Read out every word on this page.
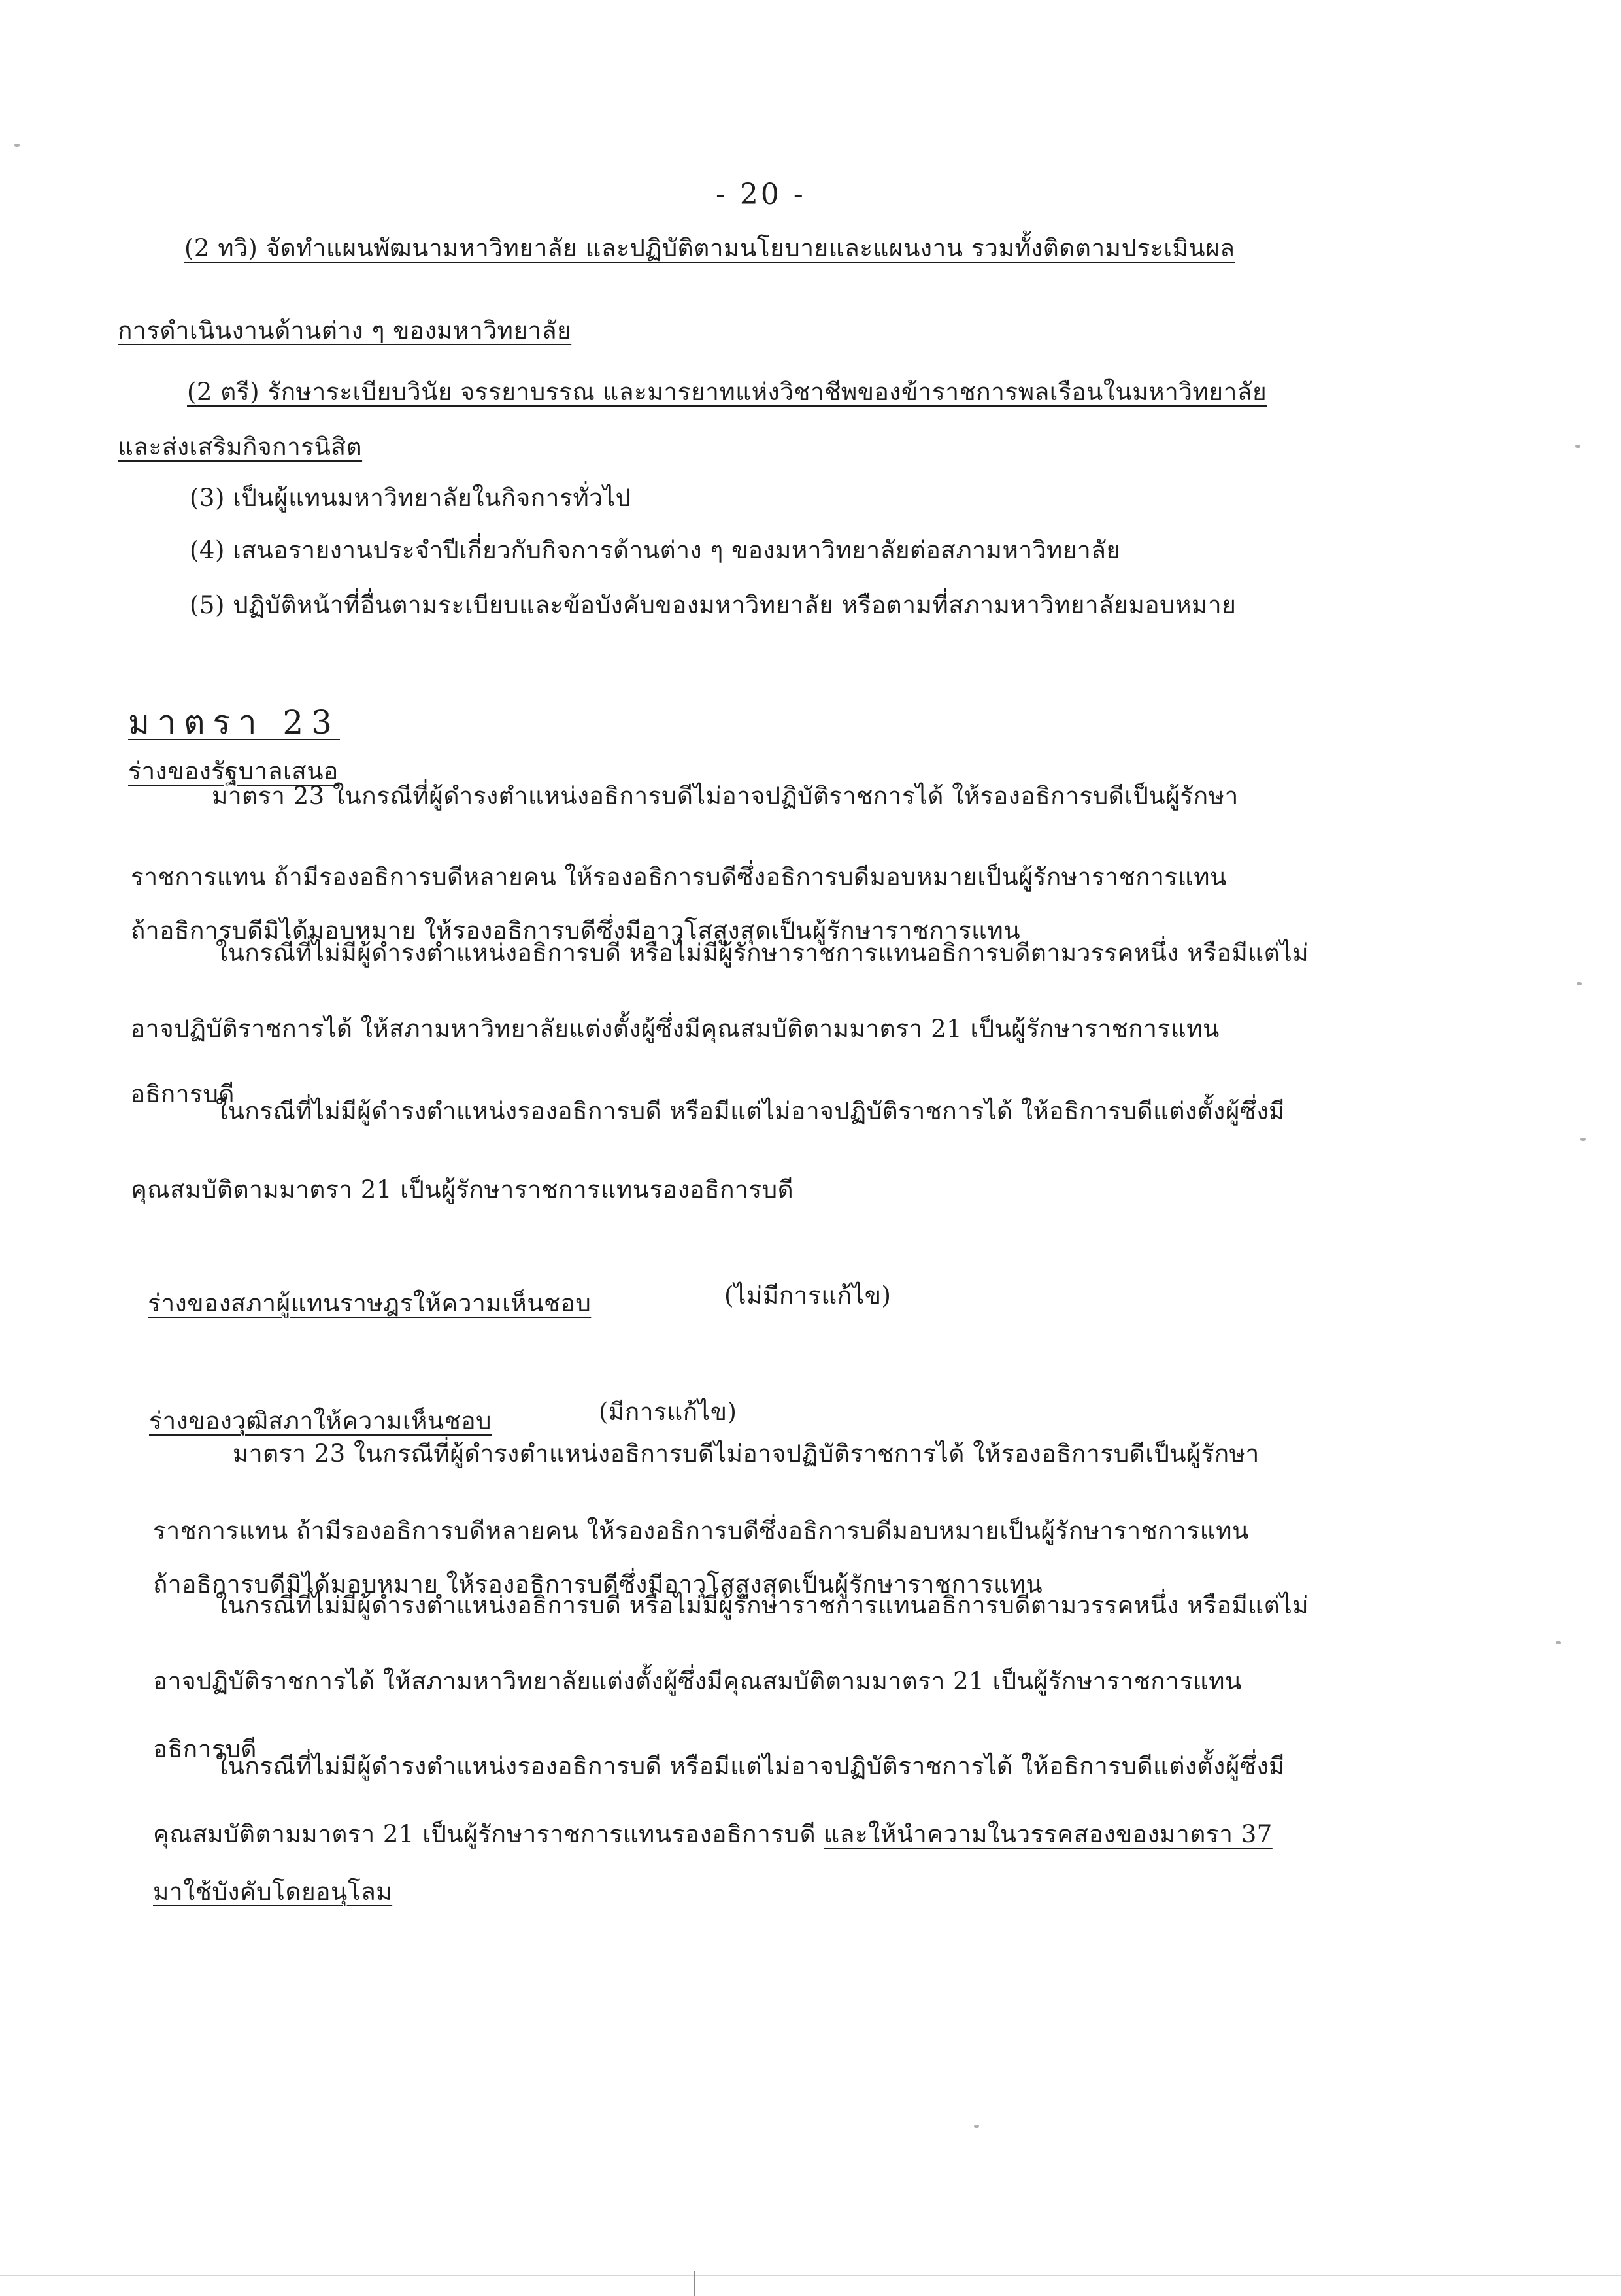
- 20 -
(2 ทวิ) จัดทำแผนพัฒนามหาวิทยาลัย และปฏิบัติตามนโยบายและแผนงาน รวมทั้งติดตามประเมินผล
การดำเนินงานด้านต่าง ๆ ของมหาวิทยาลัย
(2 ตรี) รักษาระเบียบวินัย จรรยาบรรณ และมารยาทแห่งวิชาชีพของข้าราชการพลเรือนในมหาวิทยาลัย
และส่งเสริมกิจการนิสิต
(3) เป็นผู้แทนมหาวิทยาลัยในกิจการทั่วไป
(4) เสนอรายงานประจำปีเกี่ยวกับกิจการด้านต่าง ๆ ของมหาวิทยาลัยต่อสภามหาวิทยาลัย
(5) ปฏิบัติหน้าที่อื่นตามระเบียบและข้อบังคับของมหาวิทยาลัย หรือตามที่สภามหาวิทยาลัยมอบหมาย
มาตรา 23
ร่างของรัฐบาลเสนอ
มาตรา 23 ในกรณีที่ผู้ดำรงตำแหน่งอธิการบดีไม่อาจปฏิบัติราชการได้ ให้รองอธิการบดีเป็นผู้รักษา
ราชการแทน ถ้ามีรองอธิการบดีหลายคน ให้รองอธิการบดีซึ่งอธิการบดีมอบหมายเป็นผู้รักษาราชการแทน
ถ้าอธิการบดีมิได้มอบหมาย ให้รองอธิการบดีซึ่งมีอาวุโสสูงสุดเป็นผู้รักษาราชการแทน
ในกรณีที่ไม่มีผู้ดำรงตำแหน่งอธิการบดี หรือไม่มีผู้รักษาราชการแทนอธิการบดีตามวรรคหนึ่ง หรือมีแต่ไม่
อาจปฏิบัติราชการได้ ให้สภามหาวิทยาลัยแต่งตั้งผู้ซึ่งมีคุณสมบัติตามมาตรา 21 เป็นผู้รักษาราชการแทน
อธิการบดี
ในกรณีที่ไม่มีผู้ดำรงตำแหน่งรองอธิการบดี หรือมีแต่ไม่อาจปฏิบัติราชการได้ ให้อธิการบดีแต่งตั้งผู้ซึ่งมี
คุณสมบัติตามมาตรา 21 เป็นผู้รักษาราชการแทนรองอธิการบดี
ร่างของสภาผู้แทนราษฎรให้ความเห็นชอบ	(ไม่มีการแก้ไข)
ร่างของวุฒิสภาให้ความเห็นชอบ	(มีการแก้ไข)
มาตรา 23 ในกรณีที่ผู้ดำรงตำแหน่งอธิการบดีไม่อาจปฏิบัติราชการได้ ให้รองอธิการบดีเป็นผู้รักษา
ราชการแทน ถ้ามีรองอธิการบดีหลายคน ให้รองอธิการบดีซึ่งอธิการบดีมอบหมายเป็นผู้รักษาราชการแทน
ถ้าอธิการบดีมิได้มอบหมาย ให้รองอธิการบดีซึ่งมีอาวุโสสูงสุดเป็นผู้รักษาราชการแทน
ในกรณีที่ไม่มีผู้ดำรงตำแหน่งอธิการบดี หรือไม่มีผู้รักษาราชการแทนอธิการบดีตามวรรคหนึ่ง หรือมีแต่ไม่
อาจปฏิบัติราชการได้ ให้สภามหาวิทยาลัยแต่งตั้งผู้ซึ่งมีคุณสมบัติตามมาตรา 21 เป็นผู้รักษาราชการแทน
อธิการบดี
ในกรณีที่ไม่มีผู้ดำรงตำแหน่งรองอธิการบดี หรือมีแต่ไม่อาจปฏิบัติราชการได้ ให้อธิการบดีแต่งตั้งผู้ซึ่งมี
คุณสมบัติตามมาตรา 21 เป็นผู้รักษาราชการแทนรองอธิการบดี และให้นำความในวรรคสองของมาตรา 37
มาใช้บังคับโดยอนุโลม
